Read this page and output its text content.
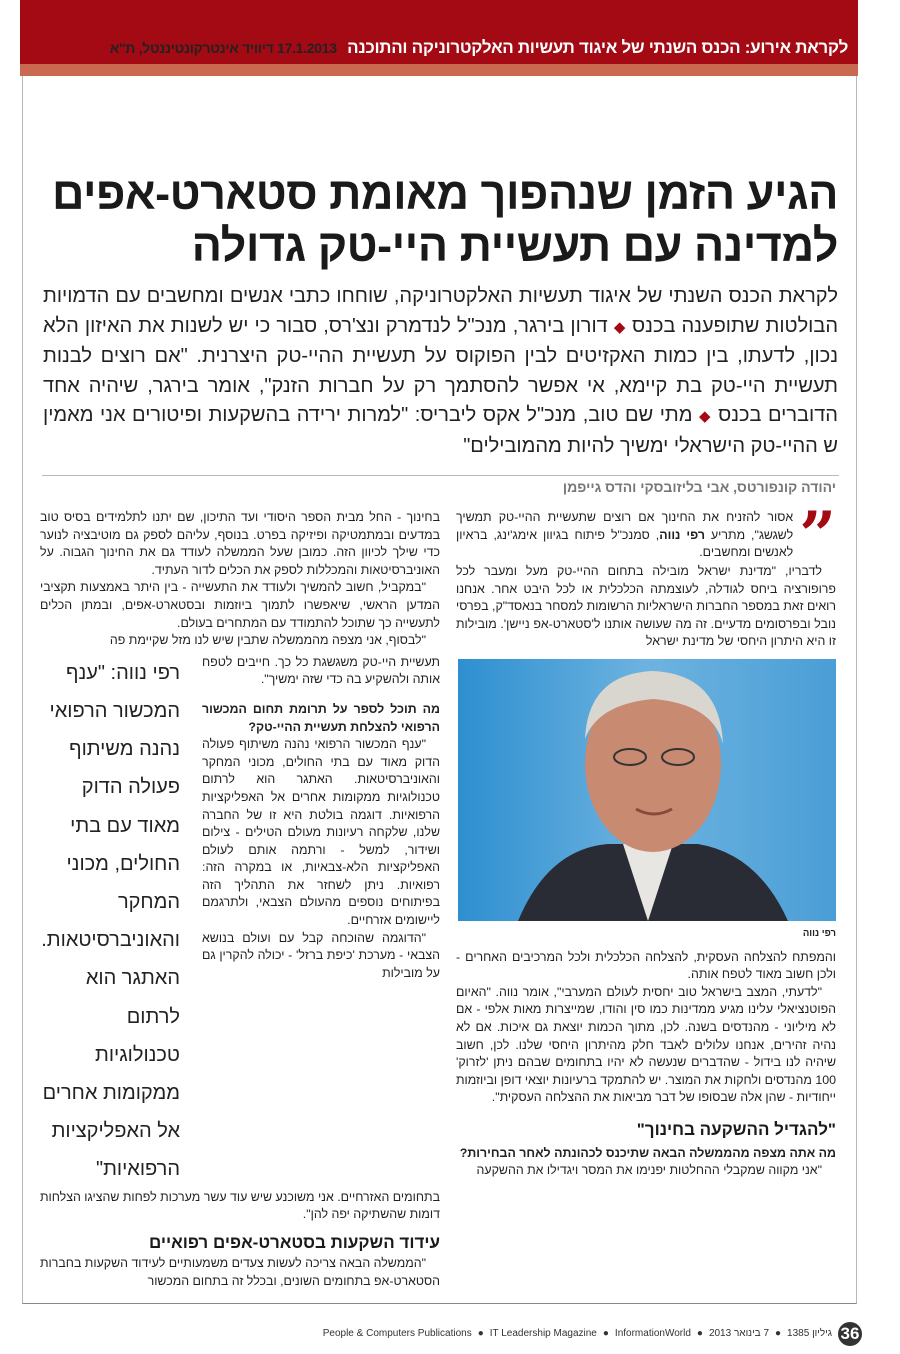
לקראת אירוע: הכנס השנתי של איגוד תעשיות האלקטרוניקה והתוכנה 17.1.2013 דיוויד אינטרקונטיננטל, ת"א
הגיע הזמן שנהפוך מאומת סטארט-אפים
למדינה עם תעשיית היי-טק גדולה
לקראת הכנס השנתי של איגוד תעשיות האלקטרוניקה, שוחחו כתבי אנשים ומחשבים עם הדמויות הבולטות שתופענה בכנס ◆ דורון בירגר, מנכ"ל לנדמרק ונצ'רס, סבור כי יש לשנות את האיזון הלא נכון, לדעתו, בין כמות האקזיטים לבין הפוקוס על תעשיית ההיי-טק היצרנית. "אם רוצים לבנות תעשיית היי-טק בת קיימא, אי אפשר להסתמך רק על חברות הזנק", אומר בירגר, שיהיה אחד הדוברים בכנס ◆ מתי שם טוב, מנכ"ל אקס ליבריס: "למרות ירידה בהשקעות ופיטורים אני מאמין ש ההיי-טק הישראלי ימשיך להיות מהמובילים"
יהודה קונפורטס, אבי בליזובסקי והדס גייפמן
”

אסור להזניח את החינוך אם רוצים שתעשיית ההיי-טק תמשיך לשגשג", מתריע רפי נווה, סמנכ"ל פיתוח בגיוון אימג'ינג, בראיון לאנשים ומחשבים.

לדבריו, "מדינת ישראל מובילה בתחום ההיי-טק מעל ומעבר לכל פרופורציה ביחס לגודלה, לעוצמתה הכלכלית או לכל היבט אחר. אנחנו רואים זאת במספר החברות הישראליות הרשומות למסחר בנאסד"ק, בפרסי נובל ובפרסומים מדעיים. זה מה שעושה אותנו ל'סטארט-אפ ניישן'. מובילות זו היא היתרון היחסי של מדינת ישראל

רפי נווה

והמפתח להצלחה העסקית, להצלחה הכלכלית ולכל המרכיבים האחרים - ולכן חשוב מאוד לטפח אותה.

"לדעתי, המצב בישראל טוב יחסית לעולם המערבי", אומר נווה. "האיום הפוטנציאלי עלינו מגיע ממדינות כמו סין והודו, שמייצרות מאות אלפי - אם לא מיליוני - מהנדסים בשנה. לכן, מתוך הכמות יוצאת גם איכות. אם לא נהיה זהירים, אנחנו עלולים לאבד חלק מהיתרון היחסי שלנו. לכן, חשוב שיהיה לנו בידול - שהדברים שנעשה לא יהיו בתחומים שבהם ניתן 'לזרוק' 100 מהנדסים ולחקות את המוצר. יש להתמקד ברעיונות יוצאי דופן וביוזמות ייחודיות - שהן אלה שבסופו של דבר מביאות את ההצלחה העסקית".

"להגדיל ההשקעה בחינוך"

מה אתה מצפה מהממשלה הבאה שתיכנס לכהונתה לאחר הבחירות?

"אני מקווה שמקבלי ההחלטות יפנימו את המסר ויגדילו את ההשקעה

בחינוך - החל מבית הספר היסודי ועד התיכון, שם יתנו לתלמידים בסיס טוב במדעים ובמתמטיקה ופיזיקה בפרט. בנוסף, עליהם לספק גם מוטיבציה לנוער כדי שילך לכיוון הזה. כמובן שעל הממשלה לעודד גם את החינוך הגבוה. על האוניברסיטאות והמכללות לספק את הכלים לדור העתיד.

"במקביל, חשוב להמשיך ולעודד את התעשייה - בין היתר באמצעות תקציבי המדען הראשי, שיאפשרו לתמוך ביוזמות ובסטארט-אפים, ובמתן הכלים לתעשייה כך שתוכל להתמודד עם המתחרים בעולם.

"לבסוף, אני מצפה מהממשלה שתבין שיש לנו מזל שקיימת פה

רפי נווה: "ענף המכשור הרפואי נהנה משיתוף פעולה הדוק מאוד עם בתי החולים, מכוני המחקר והאוניברסיטאות. האתגר הוא לרתום טכנולוגיות ממקומות אחרים אל האפליקציות הרפואיות"

תעשיית היי-טק משגשגת כל כך. חייבים לטפח אותה ולהשקיע בה כדי שזה ימשיך".

מה תוכל לספר על תרומת תחום המכשור הרפואי להצלחת תעשיית ההיי-טק?

"ענף המכשור הרפואי נהנה משיתוף פעולה הדוק מאוד עם בתי החולים, מכוני המחקר והאוניברסיטאות. האתגר הוא לרתום טכנולוגיות ממקומות אחרים אל האפליקציות הרפואיות. דוגמה בולטת היא זו של החברה שלנו, שלקחה רעיונות מעולם הטילים - צילום ושידור, למשל - ורתמה אותם לעולם האפליקציות הלא-צבאיות, או במקרה הזה: רפואיות. ניתן לשחזר את התהליך הזה בפיתוחים נוספים מהעולם הצבאי, ולתרגמם ליישומים אזרחיים.

"הדוגמה שהוכחה קבל עם ועולם בנושא הצבאי - מערכת 'כיפת ברזל' - יכולה להקרין גם על מובילות

בתחומים האזרחיים. אני משוכנע שיש עוד עשר מערכות לפחות שהציגו הצלחות דומות שהשתיקה יפה להן".

עידוד השקעות בסטארט-אפים רפואיים

"הממשלה הבאה צריכה לעשות צעדים משמעותיים לעידוד השקעות בחברות הסטארט-אפ בתחומים השונים, ובכלל זה בתחום המכשור

People & Computers Publications ● IT Leadership Magazine ● InformationWorld ● 7 בינואר 2013 ● גיליון 1385 36
